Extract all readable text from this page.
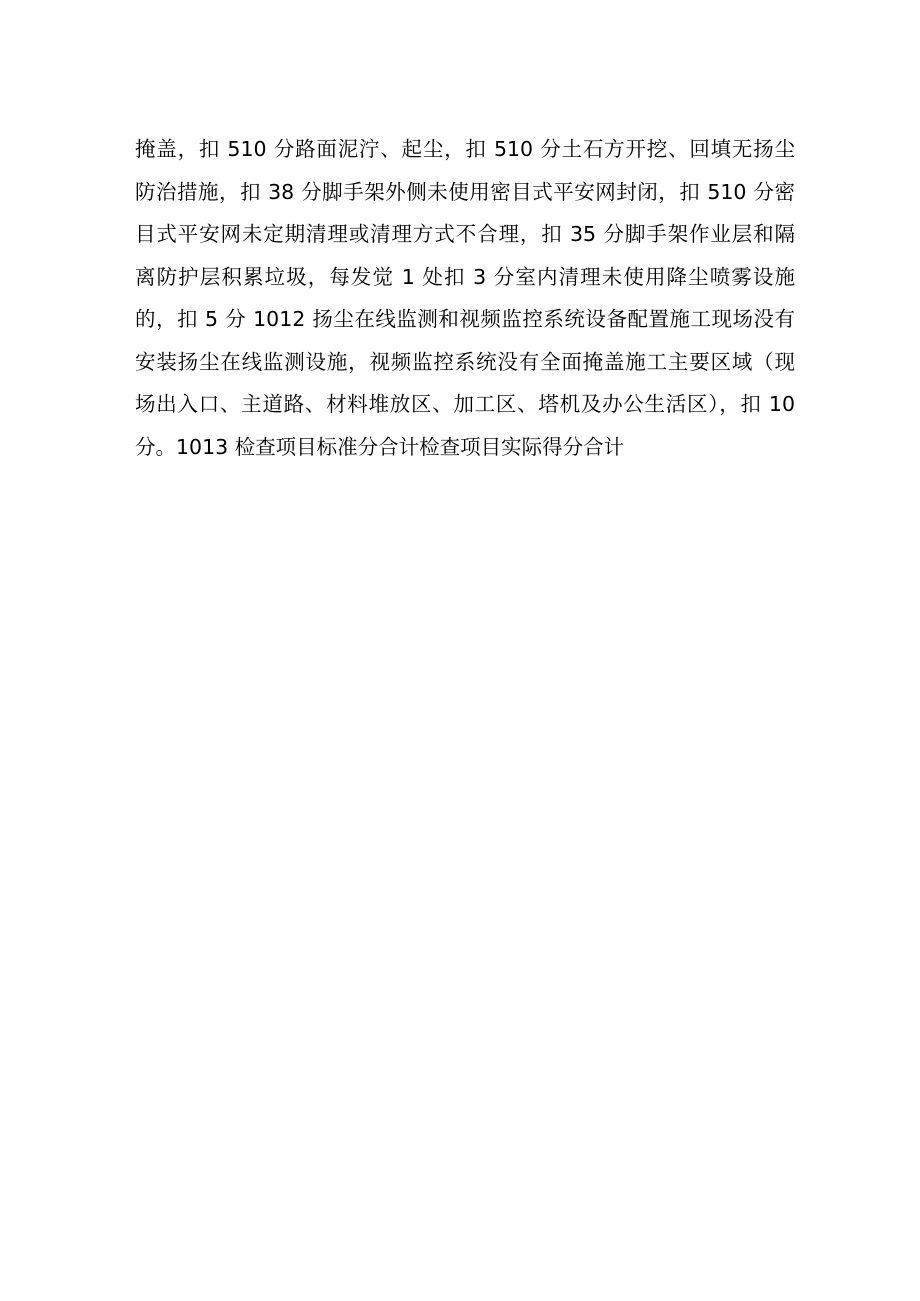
掩盖，扣 510 分路面泥泞、起尘，扣 510 分土石方开挖、回填无扬尘
防治措施，扣 38 分脚手架外侧未使用密目式平安网封闭，扣 510 分密
目式平安网未定期清理或清理方式不合理，扣 35 分脚手架作业层和隔
离防护层积累垃圾，每发觉 1 处扣 3 分室内清理未使用降尘喷雾设施
的，扣 5 分 1012 扬尘在线监测和视频监控系统设备配置施工现场没有
安装扬尘在线监测设施，视频监控系统没有全面掩盖施工主要区域（现
场出入口、主道路、材料堆放区、加工区、塔机及办公生活区），扣 10
分。1013 检查项目标准分合计检查项目实际得分合计
